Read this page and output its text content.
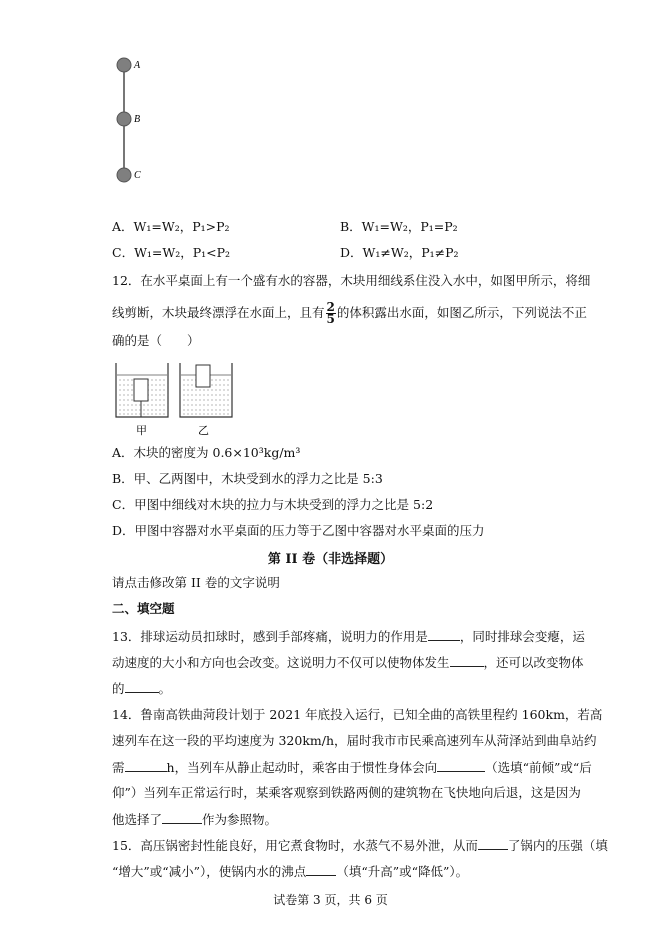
A
B
C
A．W₁=W₂，P₁>P₂	B．W₁=W₂，P₁=P₂
C．W₁=W₂，P₁<P₂	D．W₁≠W₂，P₁≠P₂
12．在水平桌面上有一个盛有水的容器，木块用细线系住没入水中，如图甲所示，将细
线剪断，木块最终漂浮在水面上，且有 $\frac{2}{5}$ 的体积露出水面，如图乙所示，下列说法不正
确的是（　　）
甲	乙
A．木块的密度为 0.6×10³kg/m³
B．甲、乙两图中，木块受到水的浮力之比是 5:3
C．甲图中细线对木块的拉力与木块受到的浮力之比是 5:2
D．甲图中容器对水平桌面的压力等于乙图中容器对水平桌面的压力
第 II 卷（非选择题）
请点击修改第 II 卷的文字说明
二、填空题
13．排球运动员扣球时，感到手部疼痛，说明力的作用是	，同时排球会变瘪，运
动速度的大小和方向也会改变。这说明力不仅可以使物体发生	，还可以改变物体
的	。
14．鲁南高铁曲菏段计划于 2021 年底投入运行，已知全曲的高铁里程约 160km，若高
速列车在这一段的平均速度为 320km/h，届时我市市民乘高速列车从菏泽站到曲阜站约
需	h，当列车从静止起动时，乘客由于惯性身体会向	（选填“前倾”或“后
仰”）当列车正常运行时，某乘客观察到铁路两侧的建筑物在飞快地向后退，这是因为
他选择了	作为参照物。
15．高压锅密封性能良好，用它煮食物时，水蒸气不易外泄，从而 了锅内的压强（填
“增大”或“减小”），使锅内水的沸点 （填“升高”或“降低”）。
试卷第 3 页，共 6 页
